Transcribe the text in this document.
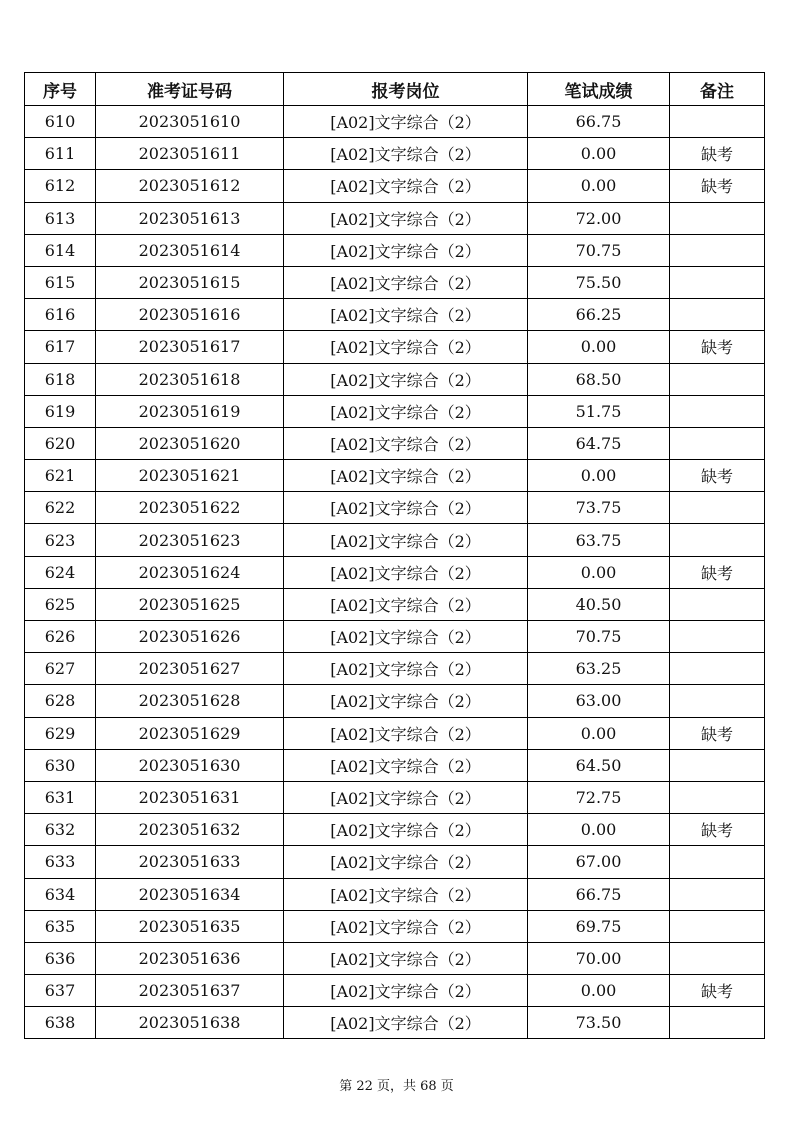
序号	准考证号码	报考岗位	笔试成绩	备注
610	2023051610	[A02]文字综合（2）	66.75	
611	2023051611	[A02]文字综合（2）	0.00	缺考
612	2023051612	[A02]文字综合（2）	0.00	缺考
613	2023051613	[A02]文字综合（2）	72.00	
614	2023051614	[A02]文字综合（2）	70.75	
615	2023051615	[A02]文字综合（2）	75.50	
616	2023051616	[A02]文字综合（2）	66.25	
617	2023051617	[A02]文字综合（2）	0.00	缺考
618	2023051618	[A02]文字综合（2）	68.50	
619	2023051619	[A02]文字综合（2）	51.75	
620	2023051620	[A02]文字综合（2）	64.75	
621	2023051621	[A02]文字综合（2）	0.00	缺考
622	2023051622	[A02]文字综合（2）	73.75	
623	2023051623	[A02]文字综合（2）	63.75	
624	2023051624	[A02]文字综合（2）	0.00	缺考
625	2023051625	[A02]文字综合（2）	40.50	
626	2023051626	[A02]文字综合（2）	70.75	
627	2023051627	[A02]文字综合（2）	63.25	
628	2023051628	[A02]文字综合（2）	63.00	
629	2023051629	[A02]文字综合（2）	0.00	缺考
630	2023051630	[A02]文字综合（2）	64.50	
631	2023051631	[A02]文字综合（2）	72.75	
632	2023051632	[A02]文字综合（2）	0.00	缺考
633	2023051633	[A02]文字综合（2）	67.00	
634	2023051634	[A02]文字综合（2）	66.75	
635	2023051635	[A02]文字综合（2）	69.75	
636	2023051636	[A02]文字综合（2）	70.00	
637	2023051637	[A02]文字综合（2）	0.00	缺考
638	2023051638	[A02]文字综合（2）	73.50	
第 22 页，共 68 页
